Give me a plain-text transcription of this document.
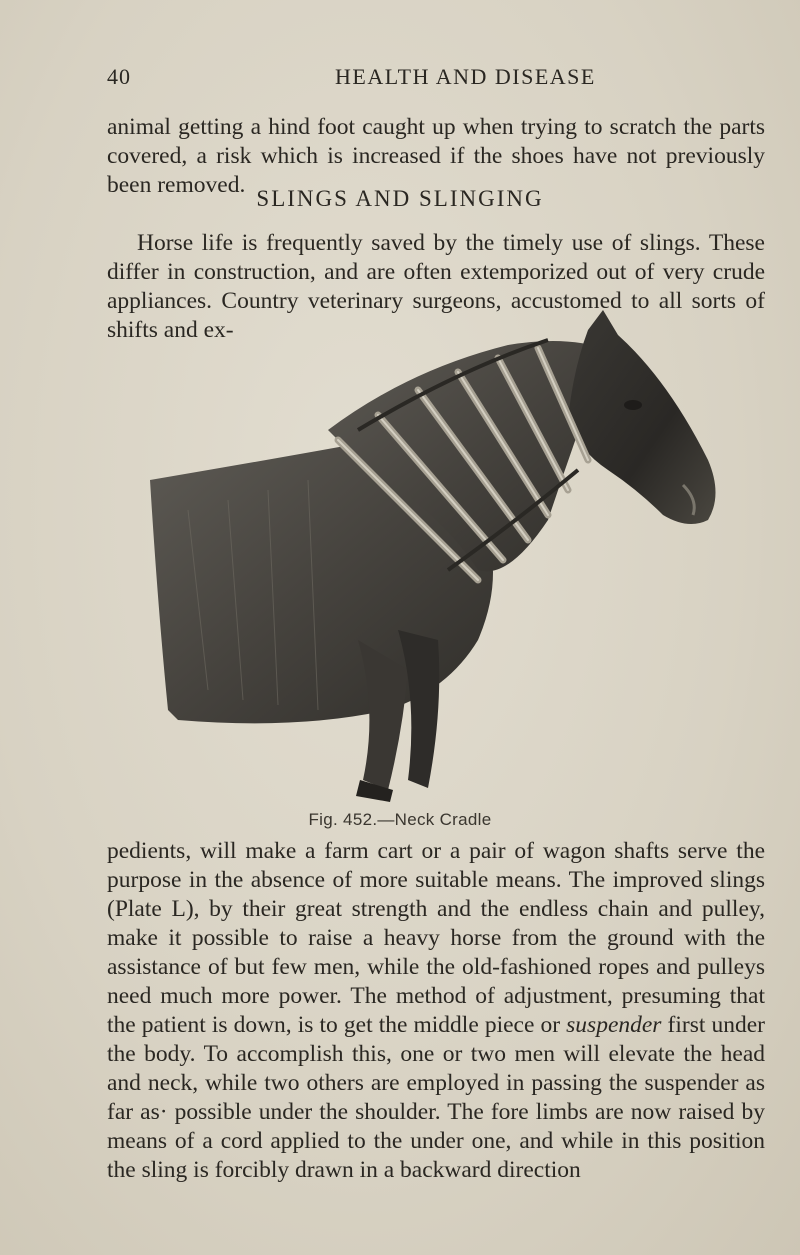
40	HEALTH AND DISEASE

animal getting a hind foot caught up when trying to scratch the parts covered, a risk which is increased if the shoes have not previously been removed.

SLINGS AND SLINGING

Horse life is frequently saved by the timely use of slings. These differ in construction, and are often extemporized out of very crude appliances. Country veterinary surgeons, accustomed to all sorts of shifts and ex-

Fig. 452.—Neck Cradle

pedients, will make a farm cart or a pair of wagon shafts serve the purpose in the absence of more suitable means. The improved slings (Plate L), by their great strength and the endless chain and pulley, make it possible to raise a heavy horse from the ground with the assistance of but few men, while the old-fashioned ropes and pulleys need much more power. The method of adjustment, presuming that the patient is down, is to get the middle piece or suspender first under the body. To accomplish this, one or two men will elevate the head and neck, while two others are employed in passing the suspender as far as· possible under the shoulder. The fore limbs are now raised by means of a cord applied to the under one, and while in this position the sling is forcibly drawn in a backward direction
